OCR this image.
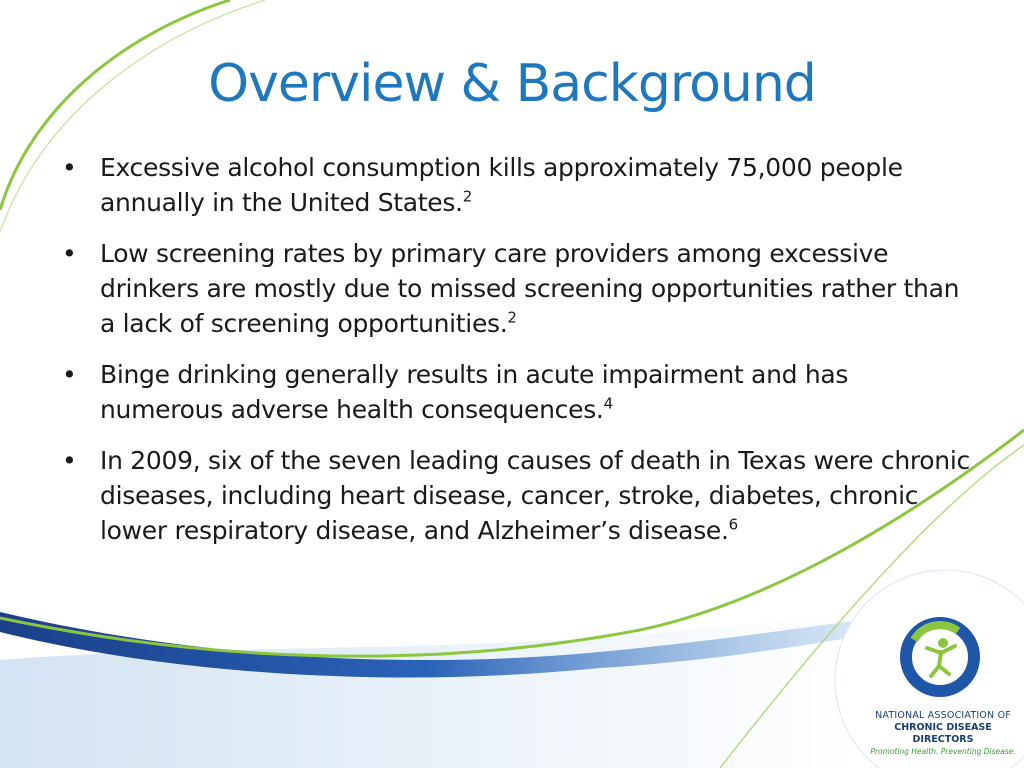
Overview & Background
• Excessive alcohol consumption kills approximately 75,000 people annually in the United States.$^2$
• Low screening rates by primary care providers among excessive drinkers are mostly due to missed screening opportunities rather than a lack of screening opportunities.$^2$
• Binge drinking generally results in acute impairment and has numerous adverse health consequences.$^4$
• In 2009, six of the seven leading causes of death in Texas were chronic diseases, including heart disease, cancer, stroke, diabetes, chronic lower respiratory disease, and Alzheimer’s disease.$^6$
NATIONAL ASSOCIATION OF
CHRONIC DISEASE DIRECTORS
Promoting Health. Preventing Disease.
